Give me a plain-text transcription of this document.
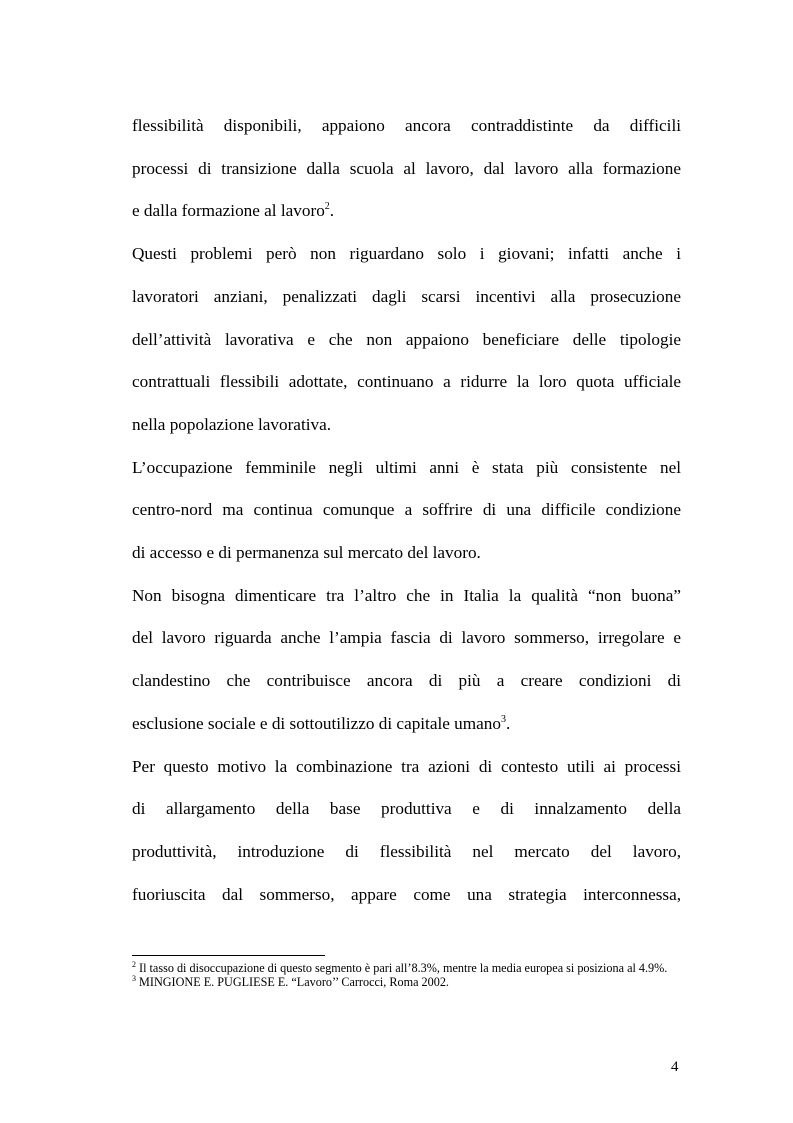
flessibilità disponibili, appaiono ancora contraddistinte da difficili
processi di transizione dalla scuola al lavoro, dal lavoro alla formazione
e dalla formazione al lavoro$^2$.

Questi problemi però non riguardano solo i giovani; infatti anche i
lavoratori anziani, penalizzati dagli scarsi incentivi alla prosecuzione
dell’attività lavorativa e che non appaiono beneficiare delle tipologie
contrattuali flessibili adottate, continuano a ridurre la loro quota ufficiale
nella popolazione lavorativa.

L’occupazione femminile negli ultimi anni è stata più consistente nel
centro-nord ma continua comunque a soffrire di una difficile condizione
di accesso e di permanenza sul mercato del lavoro.

Non bisogna dimenticare tra l’altro che in Italia la qualità “non buona”
del lavoro riguarda anche l’ampia fascia di lavoro sommerso, irregolare e
clandestino che contribuisce ancora di più a creare condizioni di
esclusione sociale e di sottoutilizzo di capitale umano$^3$.

Per questo motivo la combinazione tra azioni di contesto utili ai processi
di allargamento della base produttiva e di innalzamento della
produttività, introduzione di flessibilità nel mercato del lavoro,
fuoriuscita dal sommerso, appare come una strategia interconnessa,

$^2$ Il tasso di disoccupazione di questo segmento è pari all’8.3%, mentre la media europea si posiziona al 4.9%.

$^3$ MINGIONE E. PUGLIESE E. “Lavoro’’ Carrocci, Roma 2002.

4
